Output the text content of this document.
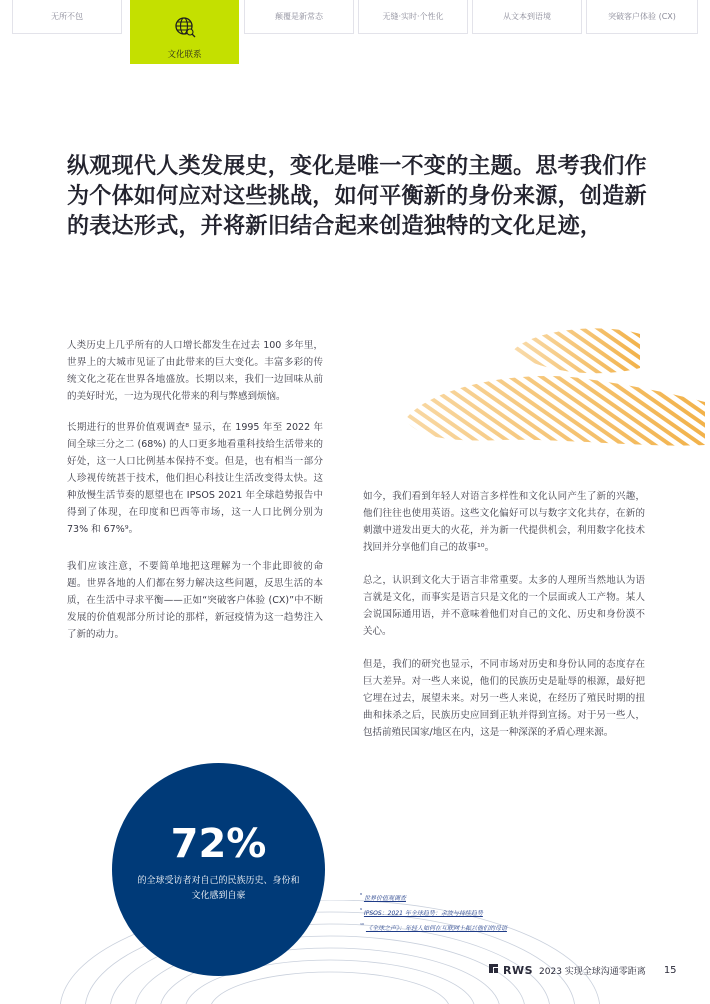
无所不包
文化联系
颠覆是新常态	无缝·实时·个性化	从文本到语境	突破客户体验 (CX)
纵观现代人类发展史，变化是唯一不变的主题。思考我们作为个体如何应对这些挑战，如何平衡新的身份来源，创造新的表达形式，并将新旧结合起来创造独特的文化足迹，
人类历史上几乎所有的人口增长都发生在过去 100 多年里，世界上的大城市见证了由此带来的巨大变化。丰富多彩的传统文化之花在世界各地盛放。长期以来，我们一边回味从前的美好时光，一边为现代化带来的利与弊感到烦恼。
长期进行的世界价值观调查⁸ 显示，在 1995 年至 2022 年间全球三分之二 (68%) 的人口更多地看重科技给生活带来的好处，这一人口比例基本保持不变。但是，也有相当一部分人珍视传统甚于技术，他们担心科技让生活改变得太快。这种放慢生活节奏的愿望也在 IPSOS 2021 年全球趋势报告中得到了体现，在印度和巴西等市场，这一人口比例分别为 73% 和 67%⁹。
我们应该注意，不要简单地把这理解为一个非此即彼的命题。世界各地的人们都在努力解决这些问题，反思生活的本质，在生活中寻求平衡——正如“突破客户体验 (CX)”中不断发展的价值观部分所讨论的那样，新冠疫情为这一趋势注入了新的动力。
如今，我们看到年轻人对语言多样性和文化认同产生了新的兴趣，他们往往也使用英语。这些文化偏好可以与数字文化共存，在新的刺激中迸发出更大的火花，并为新一代提供机会，利用数字化技术找回并分享他们自己的故事¹⁰。
总之，认识到文化大于语言非常重要。太多的人理所当然地认为语言就是文化，而事实是语言只是文化的一个层面或人工产物。某人会说国际通用语，并不意味着他们对自己的文化、历史和身份漠不关心。
但是，我们的研究也显示，不同市场对历史和身份认同的态度存在巨大差异。对一些人来说，他们的民族历史是耻辱的根源，最好把它埋在过去，展望未来。对另一些人来说，在经历了殖民时期的扭曲和抹杀之后，民族历史应回到正轨并得到宣扬。对于另一些人，包括前殖民国家/地区在内，这是一种深深的矛盾心理来源。
72%
的全球受访者对自己的民族历史、身份和文化感到自豪	$^{^8}$ 世界价值观调查
$^{^9}$ IPSOS：2021 年全球趋势：余波与持续趋势
$^{^{10}}$ 《全球之声》：年轻人如何在互联网上振兴他们的母语
RWS 2023 实现全球沟通零距离 15
